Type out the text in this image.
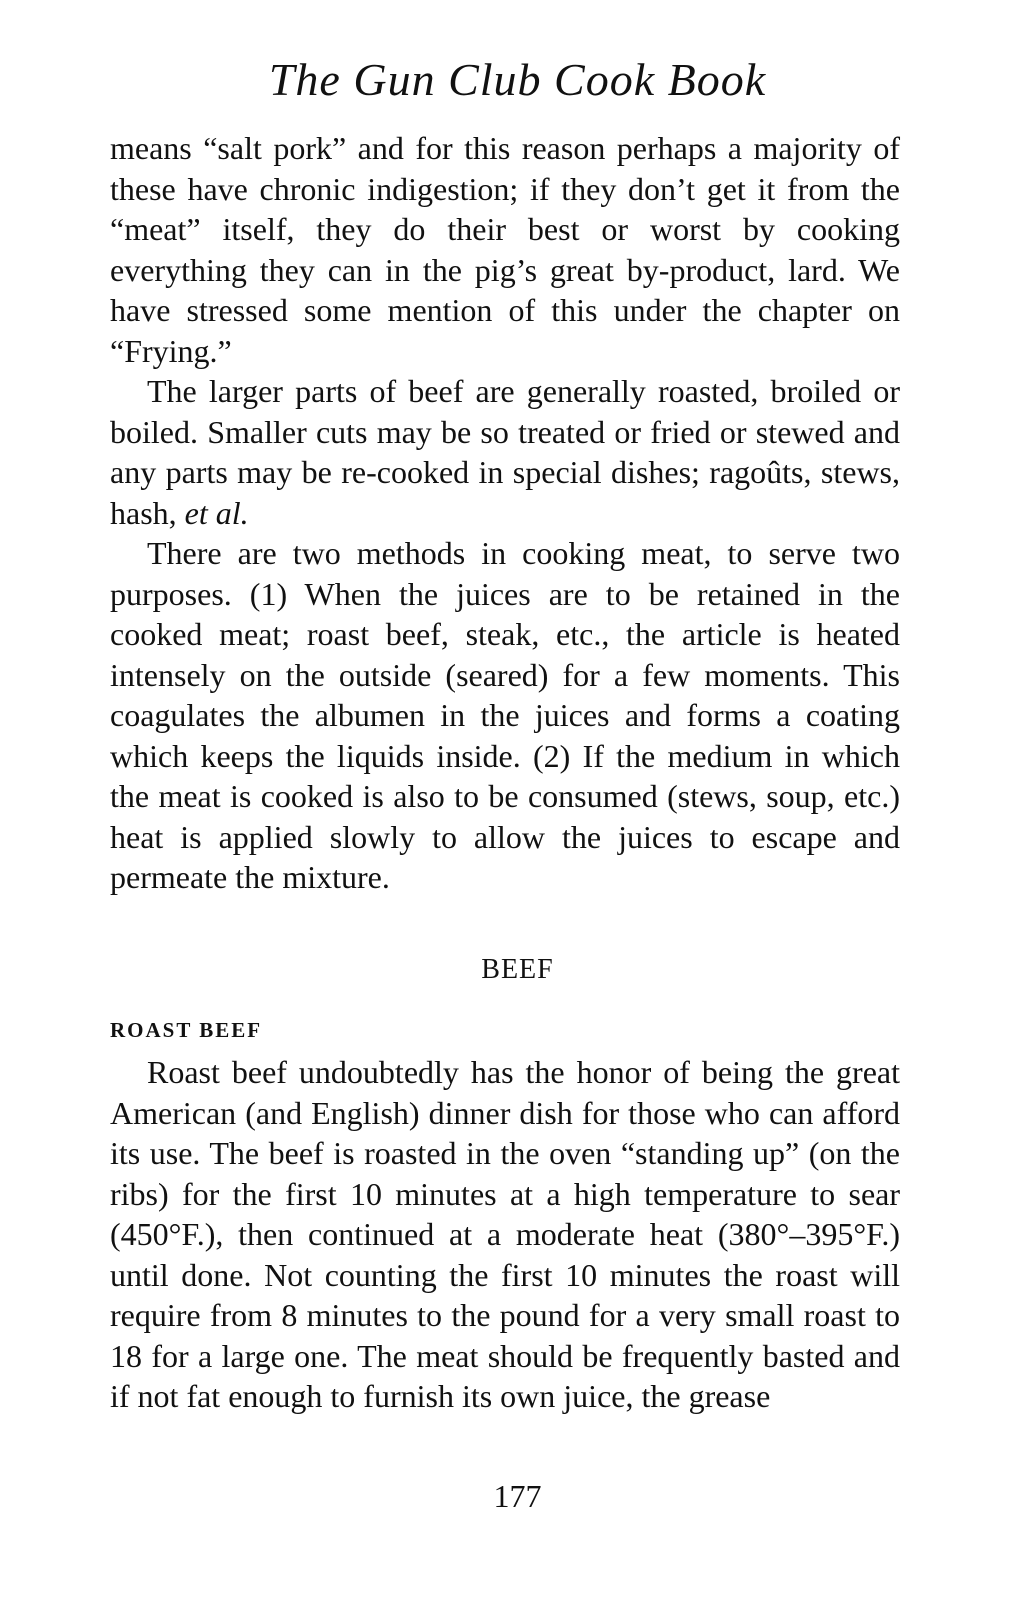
The Gun Club Cook Book

means “salt pork” and for this reason perhaps a majority of these have chronic indigestion; if they don’t get it from the “meat” itself, they do their best or worst by cooking everything they can in the pig’s great by-product, lard. We have stressed some mention of this under the chapter on “Frying.”

The larger parts of beef are generally roasted, broiled or boiled. Smaller cuts may be so treated or fried or stewed and any parts may be re-cooked in special dishes; ragoûts, stews, hash, et al.

There are two methods in cooking meat, to serve two purposes. (1) When the juices are to be retained in the cooked meat; roast beef, steak, etc., the article is heated intensely on the outside (seared) for a few moments. This coagulates the albumen in the juices and forms a coating which keeps the liquids inside. (2) If the medium in which the meat is cooked is also to be consumed (stews, soup, etc.) heat is applied slowly to allow the juices to escape and permeate the mixture.

BEEF
ROAST BEEF

Roast beef undoubtedly has the honor of being the great American (and English) dinner dish for those who can afford its use. The beef is roasted in the oven “standing up” (on the ribs) for the first 10 minutes at a high temperature to sear (450°F.), then continued at a moderate heat (380°–395°F.) until done. Not counting the first 10 minutes the roast will require from 8 minutes to the pound for a very small roast to 18 for a large one. The meat should be frequently basted and if not fat enough to furnish its own juice, the grease

177
